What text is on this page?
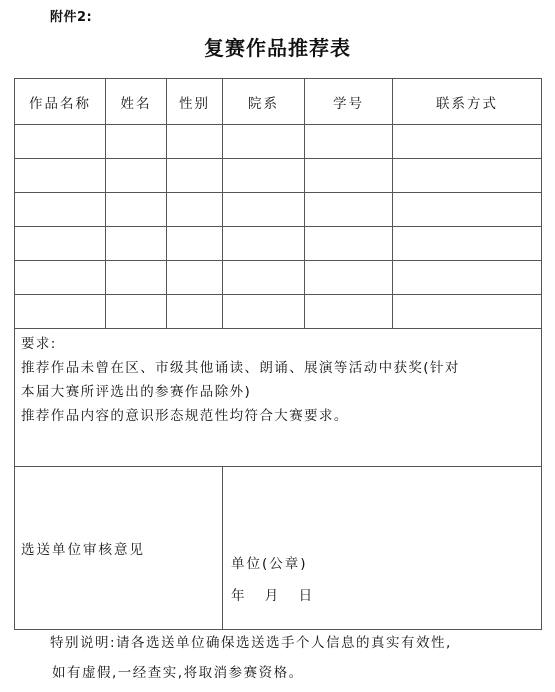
附件2:
复赛作品推荐表
作品名称	姓名	性别	院系	学号	联系方式

要求:

推荐作品未曾在区、市级其他诵读、朗诵、展演等活动中获奖(针对

本届大赛所评选出的参赛作品除外)

推荐作品内容的意识形态规范性均符合大赛要求。					

选送单位审核意见			单位(公章)
年 月 日		
特别说明:请各选送单位确保选送选手个人信息的真实有效性,
如有虚假,一经查实,将取消参赛资格。
